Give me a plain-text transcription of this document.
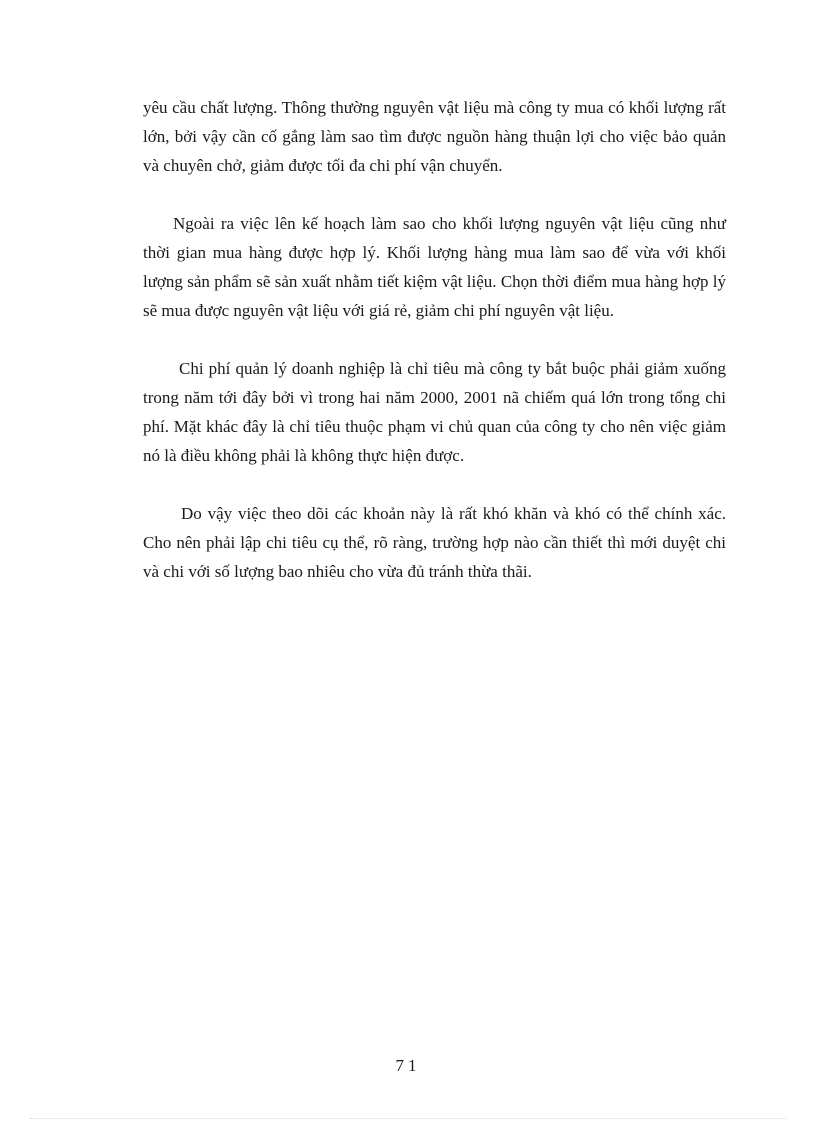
yêu cầu chất lượng. Thông thường nguyên vật liệu mà công ty mua có khối lượng rất lớn, bởi vậy cần cố gắng làm sao tìm được nguồn hàng thuận lợi cho việc bảo quản và chuyên chở, giảm được tối đa chi phí vận chuyển.

Ngoài ra việc lên kế hoạch làm sao cho khối lượng nguyên vật liệu cũng như thời gian mua hàng được hợp lý. Khối lượng hàng mua làm sao để vừa với khối lượng sản phẩm sẽ sản xuất nhằm tiết kiệm vật liệu. Chọn thời điểm mua hàng hợp lý sẽ mua được nguyên vật liệu với giá rẻ, giảm chi phí nguyên vật liệu.

Chi phí quản lý doanh nghiệp là chỉ tiêu mà công ty bắt buộc phải giảm xuống trong năm tới đây bởi vì trong hai năm 2000, 2001 nã chiếm quá lớn trong tổng chi phí. Mặt khác đây là chỉ tiêu thuộc phạm vi chủ quan của công ty cho nên việc giảm nó là điều không phải là không thực hiện được.

Do vậy việc theo dõi các khoản này là rất khó khăn và khó có thể chính xác. Cho nên phải lập chi tiêu cụ thể, rõ ràng, trường hợp nào cần thiết thì mới duyệt chi và chi với số lượng bao nhiêu cho vừa đủ tránh thừa thãi.

71
